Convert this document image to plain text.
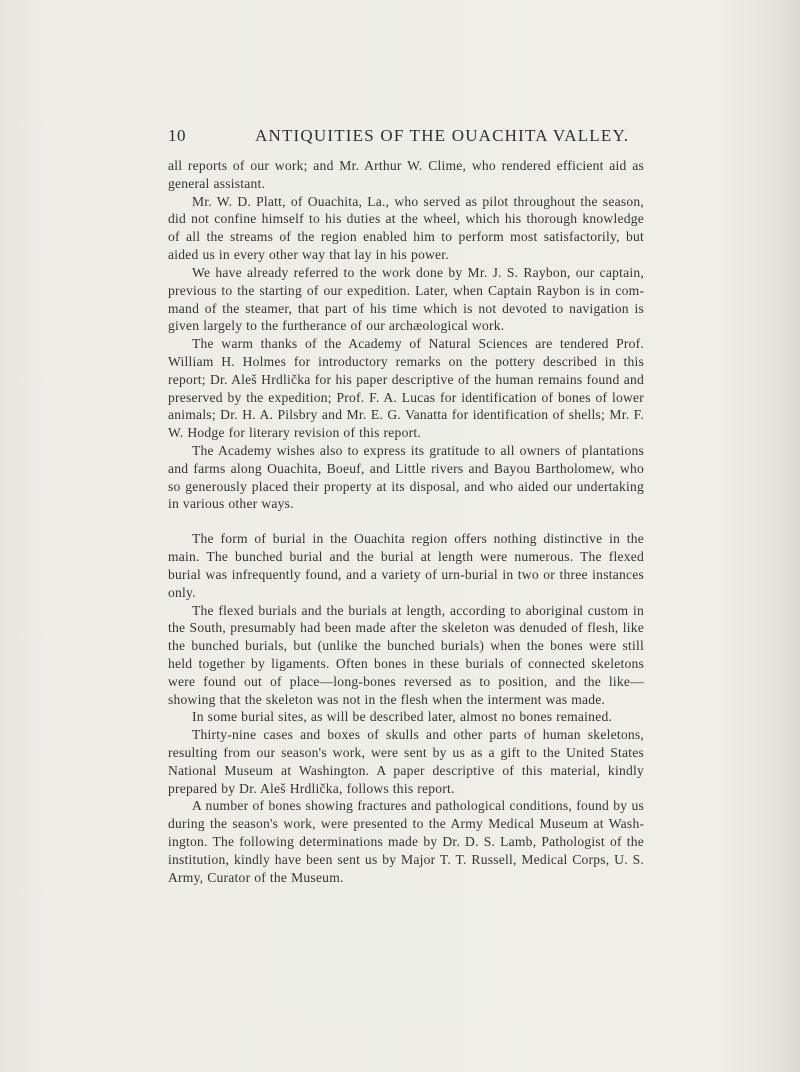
10	ANTIQUITIES OF THE OUACHITA VALLEY.

all reports of our work; and Mr. Arthur W. Clime, who rendered efficient aid as general assistant.

Mr. W. D. Platt, of Ouachita, La., who served as pilot throughout the season, did not confine himself to his duties at the wheel, which his thorough knowledge of all the streams of the region enabled him to perform most satisfactorily, but aided us in every other way that lay in his power.

We have already referred to the work done by Mr. J. S. Raybon, our captain, previous to the starting of our expedition. Later, when Captain Raybon is in command of the steamer, that part of his time which is not devoted to navigation is given largely to the furtherance of our archæological work.

The warm thanks of the Academy of Natural Sciences are tendered Prof. William H. Holmes for introductory remarks on the pottery described in this report; Dr. Aleš Hrdlička for his paper descriptive of the human remains found and preserved by the expedition; Prof. F. A. Lucas for identification of bones of lower animals; Dr. H. A. Pilsbry and Mr. E. G. Vanatta for identification of shells; Mr. F. W. Hodge for literary revision of this report.

The Academy wishes also to express its gratitude to all owners of plantations and farms along Ouachita, Boeuf, and Little rivers and Bayou Bartholomew, who so generously placed their property at its disposal, and who aided our undertaking in various other ways.

The form of burial in the Ouachita region offers nothing distinctive in the main. The bunched burial and the burial at length were numerous. The flexed burial was infrequently found, and a variety of urn-burial in two or three instances only.

The flexed burials and the burials at length, according to aboriginal custom in the South, presumably had been made after the skeleton was denuded of flesh, like the bunched burials, but (unlike the bunched burials) when the bones were still held together by ligaments. Often bones in these burials of connected skeletons were found out of place—long-bones reversed as to position, and the like—showing that the skeleton was not in the flesh when the interment was made.

In some burial sites, as will be described later, almost no bones remained.

Thirty-nine cases and boxes of skulls and other parts of human skeletons, resulting from our season's work, were sent by us as a gift to the United States National Museum at Washington. A paper descriptive of this material, kindly prepared by Dr. Aleš Hrdlička, follows this report.

A number of bones showing fractures and pathological conditions, found by us during the season's work, were presented to the Army Medical Museum at Washington. The following determinations made by Dr. D. S. Lamb, Pathologist of the institution, kindly have been sent us by Major T. T. Russell, Medical Corps, U. S. Army, Curator of the Museum.
